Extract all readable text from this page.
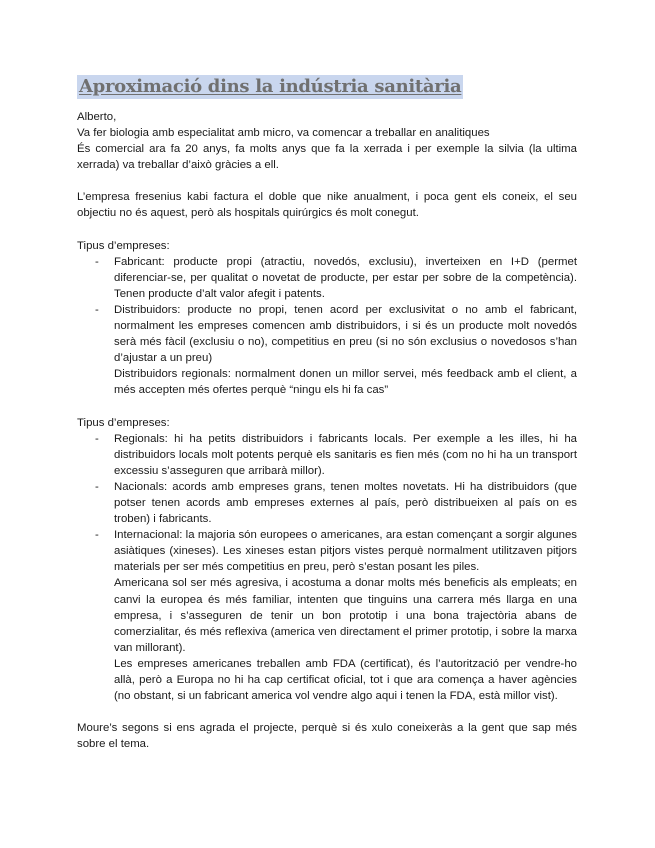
Aproximació dins la indústria sanitària

Alberto,

Va fer biologia amb especialitat amb micro, va comencar a treballar en analitiques

És comercial ara fa 20 anys, fa molts anys que fa la xerrada i per exemple la silvia (la ultima xerrada) va treballar d’això gràcies a ell.

L’empresa fresenius kabi factura el doble que nike anualment, i poca gent els coneix, el seu objectiu no és aquest, però als hospitals quirúrgics és molt conegut.

Tipus d’empreses:

- Fabricant: producte propi (atractiu, novedós, exclusiu), inverteixen en I+D (permet diferenciar-se, per qualitat o novetat de producte, per estar per sobre de la competència). Tenen producte d’alt valor afegit i patents.
- Distribuidors: producte no propi, tenen acord per exclusivitat o no amb el fabricant, normalment les empreses comencen amb distribuidors, i si és un producte molt novedós serà més fàcil (exclusiu o no), competitius en preu (si no són exclusius o novedosos s’han d’ajustar a un preu)
Distribuidors regionals: normalment donen un millor servei, més feedback amb el client, a més accepten més ofertes perquè “ningu els hi fa cas”

Tipus d’empreses:

- Regionals: hi ha petits distribuidors i fabricants locals. Per exemple a les illes, hi ha distribuidors locals molt potents perquè els sanitaris es fien més (com no hi ha un transport excessiu s’asseguren que arribarà millor).
- Nacionals: acords amb empreses grans, tenen moltes novetats. Hi ha distribuidors (que potser tenen acords amb empreses externes al país, però distribueixen al país on es troben) i fabricants.
- Internacional: la majoria són europees o americanes, ara estan començant a sorgir algunes asiàtiques (xineses). Les xineses estan pitjors vistes perquè normalment utilitzaven pitjors materials per ser més competitius en preu, però s’estan posant les piles.
Americana sol ser més agresiva, i acostuma a donar molts més beneficis als empleats; en canvi la europea és més familiar, intenten que tinguins una carrera més llarga en una empresa, i s’asseguren de tenir un bon prototip i una bona trajectòria abans de comerzialitar, és més reflexiva (america ven directament el primer prototip, i sobre la marxa van millorant).
Les empreses americanes treballen amb FDA (certificat), és l’autorització per vendre-ho allà, però a Europa no hi ha cap certificat oficial, tot i que ara comença a haver agències (no obstant, si un fabricant america vol vendre algo aqui i tenen la FDA, està millor vist).

Moure’s segons si ens agrada el projecte, perquè si és xulo coneixeràs a la gent que sap més sobre el tema.
